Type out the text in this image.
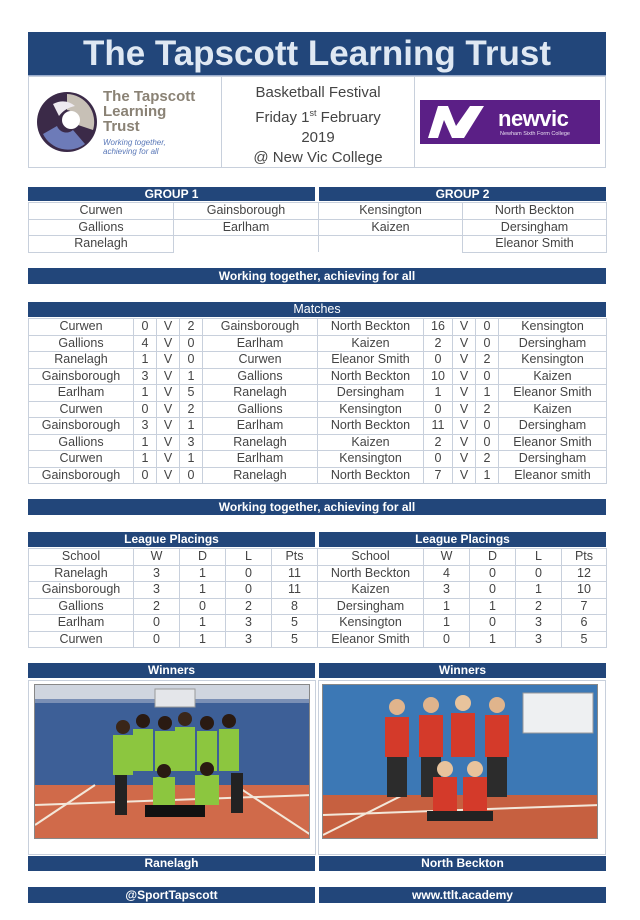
The Tapscott Learning Trust
The Tapscott
Learning
Trust
Working together,
achieving for all
Basketball Festival
Friday 1st February
2019
@ New Vic College
newvic
Newham Sixth Form College
GROUP 1	GROUP 2
Curwen	Gainsborough	Kensington	North Beckton
Gallions	Earlham	Kaizen	Dersingham
Ranelagh			Eleanor Smith
Working together, achieving for all
Matches
Curwen	0	V	2	Gainsborough	North Beckton	16	V	0	Kensington
Gallions	4	V	0	Earlham	Kaizen	2	V	0	Dersingham
Ranelagh	1	V	0	Curwen	Eleanor Smith	0	V	2	Kensington
Gainsborough	3	V	1	Gallions	North Beckton	10	V	0	Kaizen
Earlham	1	V	5	Ranelagh	Dersingham	1	V	1	Eleanor Smith
Curwen	0	V	2	Gallions	Kensington	0	V	2	Kaizen
Gainsborough	3	V	1	Earlham	North Beckton	11	V	0	Dersingham
Gallions	1	V	3	Ranelagh	Kaizen	2	V	0	Eleanor Smith
Curwen	1	V	1	Earlham	Kensington	0	V	2	Dersingham
Gainsborough	0	V	0	Ranelagh	North Beckton	7	V	1	Eleanor smith
Working together, achieving for all
League Placings	League Placings
School	W	D	L	Pts	School	W	D	L	Pts
Ranelagh	3	1	0	11	North Beckton	4	0	0	12
Gainsborough	3	1	0	11	Kaizen	3	0	1	10
Gallions	2	0	2	8	Dersingham	1	1	2	7
Earlham	0	1	3	5	Kensington	1	0	3	6
Curwen	0	1	3	5	Eleanor Smith	0	1	3	5
Winners	Winners
Ranelagh	North Beckton
@SportTapscott	www.ttlt.academy
